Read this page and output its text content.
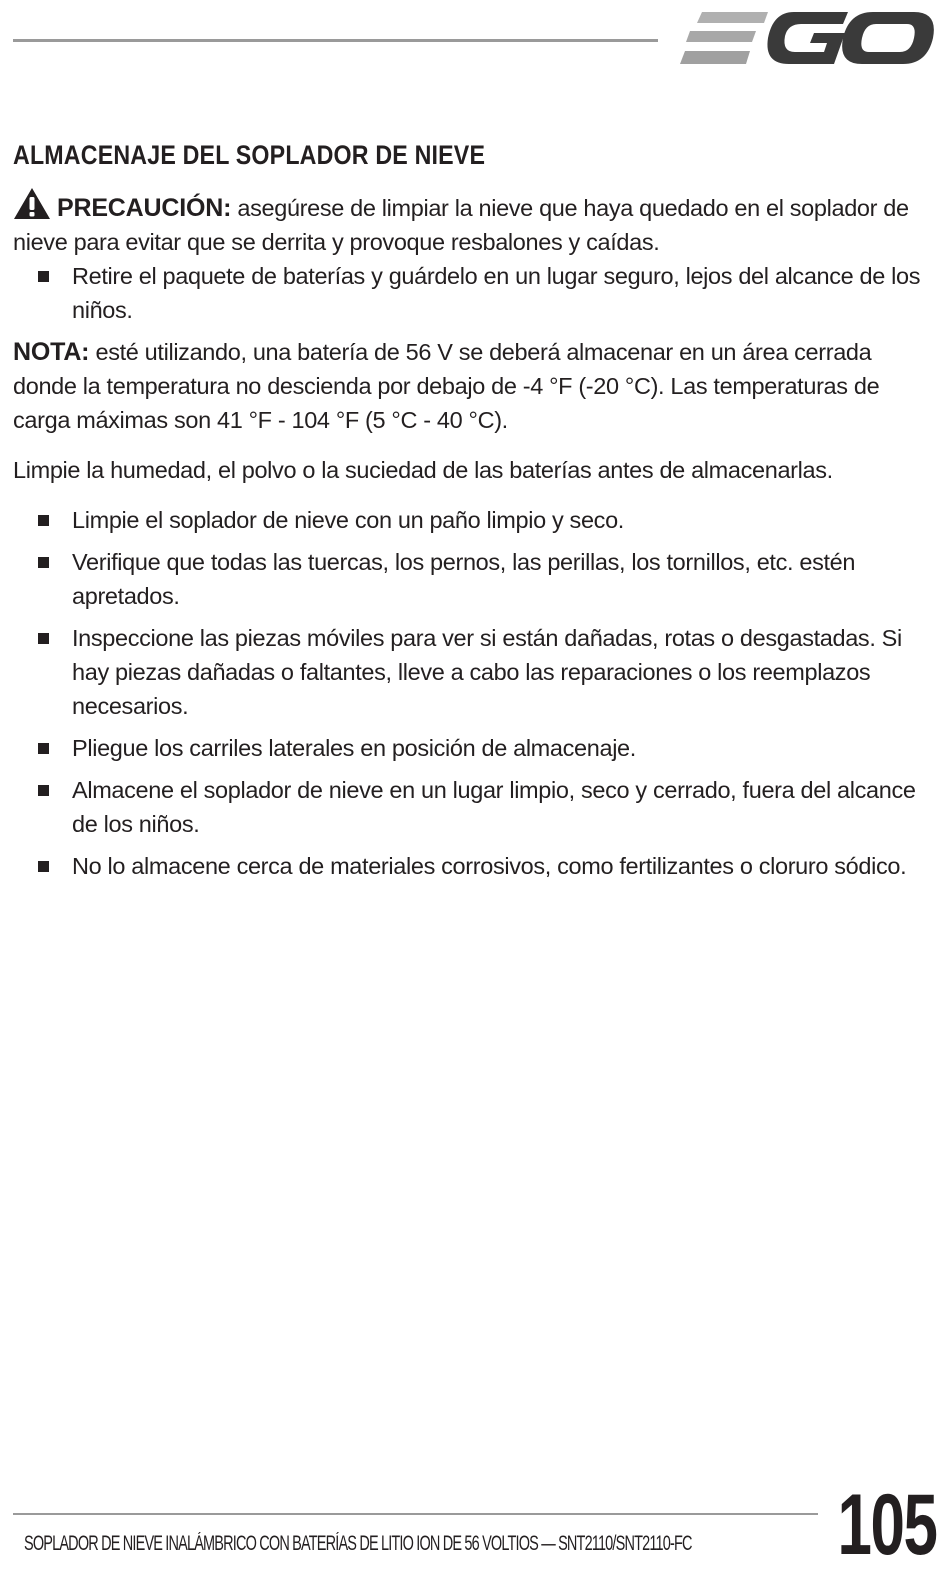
ALMACENAJE DEL SOPLADOR DE NIEVE

PRECAUCIÓN: asegúrese de limpiar la nieve que haya quedado en el soplador de nieve para evitar que se derrita y provoque resbalones y caídas.

Retire el paquete de baterías y guárdelo en un lugar seguro, lejos del alcance de los niños.

NOTA: esté utilizando, una batería de 56 V se deberá almacenar en un área cerrada donde la temperatura no descienda por debajo de -4 °F (-20 °C). Las temperaturas de carga máximas son 41 °F - 104 °F (5 °C - 40 °C).

Limpie la humedad, el polvo o la suciedad de las baterías antes de almacenarlas.

Limpie el soplador de nieve con un paño limpio y seco.
Verifique que todas las tuercas, los pernos, las perillas, los tornillos, etc. estén apretados.
Inspeccione las piezas móviles para ver si están dañadas, rotas o desgastadas. Si hay piezas dañadas o faltantes, lleve a cabo las reparaciones o los reemplazos necesarios.
Pliegue los carriles laterales en posición de almacenaje.
Almacene el soplador de nieve en un lugar limpio, seco y cerrado, fuera del alcance de los niños.
No lo almacene cerca de materiales corrosivos, como fertilizantes o cloruro sódico.
SOPLADOR DE NIEVE INALÁMBRICO CON BATERÍAS DE LITIO ION DE 56 VOLTIOS — SNT2110/SNT2110-FC 105
